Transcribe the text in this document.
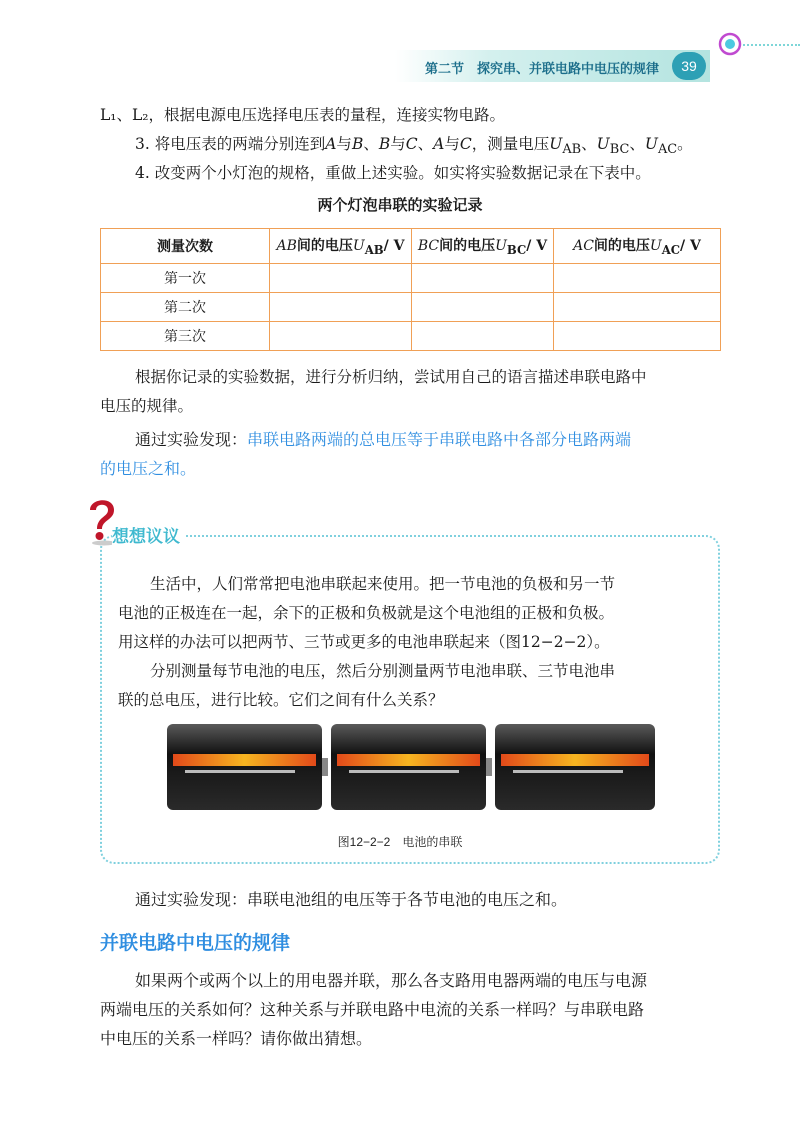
第二节　探究串、并联电路中电压的规律	39
L₁、L₂，根据电源电压选择电压表的量程，连接实物电路。
3. 将电压表的两端分别连到A与B、B与C、A与C，测量电压$U_{AB}$、$U_{BC}$、$U_{AC}$。
4. 改变两个小灯泡的规格，重做上述实验。如实将实验数据记录在下表中。
两个灯泡串联的实验记录
测量次数	AB间的电压$U_{AB}/$ V	BC间的电压$U_{BC}/$ V	AC间的电压$U_{AC}/$ V
第一次			
第二次			
第三次			
根据你记录的实验数据，进行分析归纳，尝试用自己的语言描述串联电路中
电压的规律。
通过实验发现：串联电路两端的总电压等于串联电路中各部分电路两端
的电压之和。
想想议议
生活中，人们常常把电池串联起来使用。把一节电池的负极和另一节
电池的正极连在一起，余下的正极和负极就是这个电池组的正极和负极。
用这样的办法可以把两节、三节或更多的电池串联起来（图12−2−2）。
分别测量每节电池的电压，然后分别测量两节电池串联、三节电池串
联的总电压，进行比较。它们之间有什么关系？
图12−2−2　电池的串联
通过实验发现：串联电池组的电压等于各节电池的电压之和。
并联电路中电压的规律
如果两个或两个以上的用电器并联，那么各支路用电器两端的电压与电源
两端电压的关系如何？这种关系与并联电路中电流的关系一样吗？与串联电路
中电压的关系一样吗？请你做出猜想。
